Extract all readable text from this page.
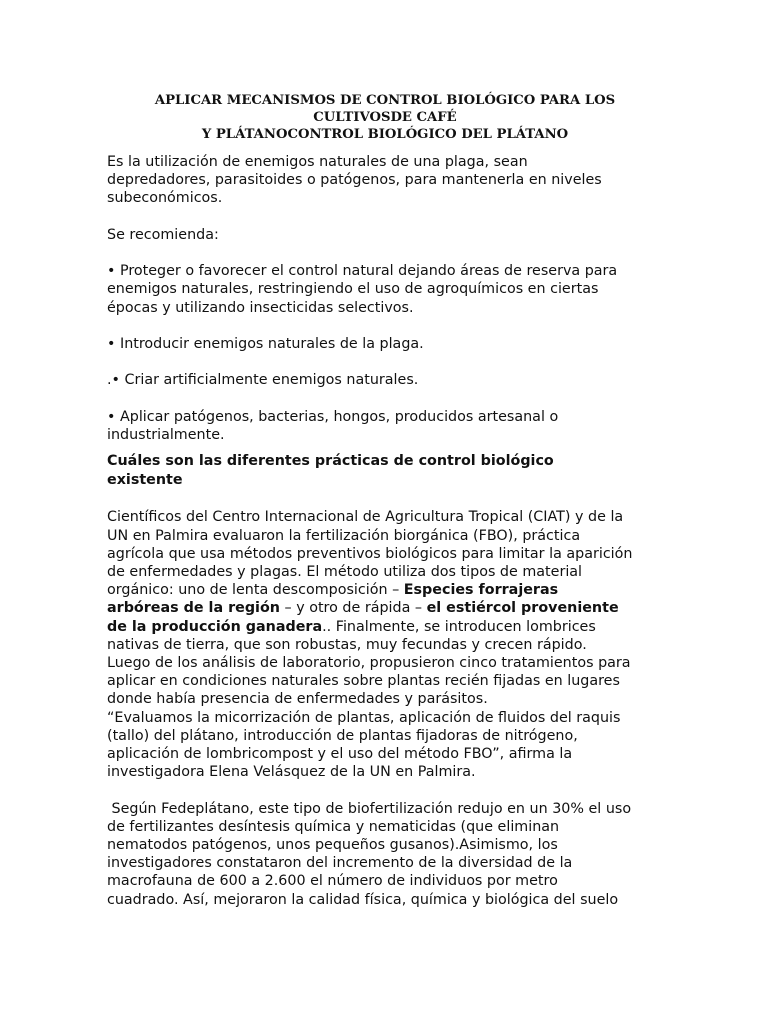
APLICAR MECANISMOS DE CONTROL BIOLÓGICO PARA LOS CULTIVOSDE CAFÉ
Y PLÁTANOCONTROL BIOLÓGICO DEL PLÁTANO

Es la utilización de enemigos naturales de una plaga, sean
depredadores, parasitoides o patógenos, para mantenerla en niveles
subeconómicos.

Se recomienda:

• Proteger o favorecer el control natural dejando áreas de reserva para
enemigos naturales, restringiendo el uso de agroquímicos en ciertas
épocas y utilizando insecticidas selectivos.

• Introducir enemigos naturales de la plaga.

.• Criar artificialmente enemigos naturales.

• Aplicar patógenos, bacterias, hongos, producidos artesanal o
industrialmente.

Cuáles son las diferentes prácticas de control biológico
existente

Científicos del Centro Internacional de Agricultura Tropical (CIAT) y de la
UN en Palmira evaluaron la fertilización biorgánica (FBO), práctica
agrícola que usa métodos preventivos biológicos para limitar la aparición
de enfermedades y plagas. El método utiliza dos tipos de material
orgánico: uno de lenta descomposición – Especies forrajeras
arbóreas de la región – y otro de rápida – el estiércol proveniente
de la producción ganadera.. Finalmente, se introducen lombrices
nativas de tierra, que son robustas, muy fecundas y crecen rápido.
Luego de los análisis de laboratorio, propusieron cinco tratamientos para
aplicar en condiciones naturales sobre plantas recién fijadas en lugares
donde había presencia de enfermedades y parásitos.
“Evaluamos la micorrización de plantas, aplicación de fluidos del raquis
(tallo) del plátano, introducción de plantas fijadoras de nitrógeno,
aplicación de lombricompost y el uso del método FBO”, afirma la
investigadora Elena Velásquez de la UN en Palmira.

Según Fedeplátano, este tipo de biofertilización redujo en un 30% el uso
de fertilizantes desíntesis química y nematicidas (que eliminan
nematodos patógenos, unos pequeños gusanos).Asimismo, los
investigadores constataron del incremento de la diversidad de la
macrofauna de 600 a 2.600 el número de individuos por metro
cuadrado. Así, mejoraron la calidad física, química y biológica del suelo
